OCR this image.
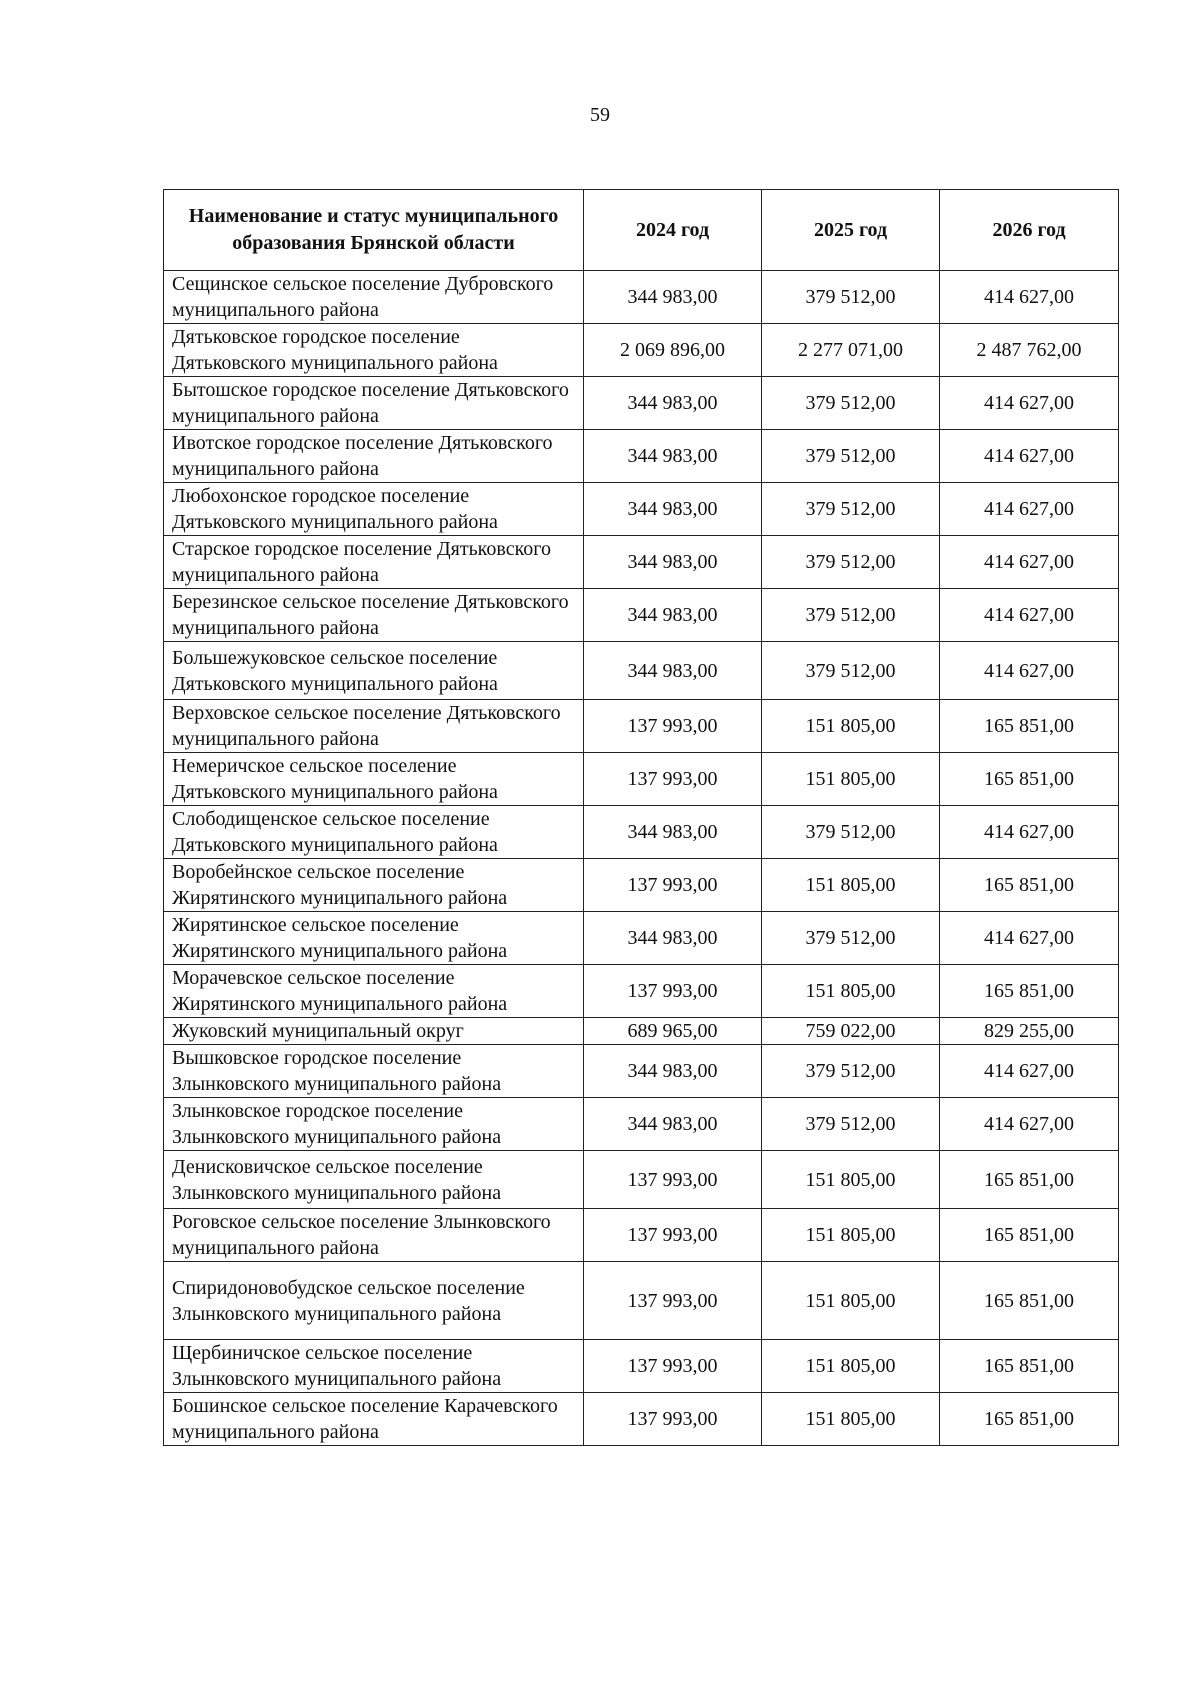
59
Наименование и статус муниципального образования Брянской области	2024 год	2025 год	2026 год
Сещинское сельское поселение Дубровского муниципального района	344 983,00	379 512,00	414 627,00
Дятьковское городское поселение Дятьковского муниципального района	2 069 896,00	2 277 071,00	2 487 762,00
Бытошское городское поселение Дятьковского муниципального района	344 983,00	379 512,00	414 627,00
Ивотское городское поселение Дятьковского муниципального района	344 983,00	379 512,00	414 627,00
Любохонское городское поселение Дятьковского муниципального района	344 983,00	379 512,00	414 627,00
Старское городское поселение Дятьковского муниципального района	344 983,00	379 512,00	414 627,00
Березинское сельское поселение Дятьковского муниципального района	344 983,00	379 512,00	414 627,00
Большежуковское сельское поселение Дятьковского муниципального района	344 983,00	379 512,00	414 627,00
Верховское сельское поселение Дятьковского муниципального района	137 993,00	151 805,00	165 851,00
Немеричское сельское поселение Дятьковского муниципального района	137 993,00	151 805,00	165 851,00
Слободищенское сельское поселение Дятьковского муниципального района	344 983,00	379 512,00	414 627,00
Воробейнское сельское поселение Жирятинского муниципального района	137 993,00	151 805,00	165 851,00
Жирятинское сельское поселение Жирятинского муниципального района	344 983,00	379 512,00	414 627,00
Морачевское сельское поселение Жирятинского муниципального района	137 993,00	151 805,00	165 851,00
Жуковский муниципальный округ	689 965,00	759 022,00	829 255,00
Вышковское городское поселение Злынковского муниципального района	344 983,00	379 512,00	414 627,00
Злынковское городское поселение Злынковского муниципального района	344 983,00	379 512,00	414 627,00
Денисковичское сельское поселение Злынковского муниципального района	137 993,00	151 805,00	165 851,00
Роговское сельское поселение Злынковского муниципального района	137 993,00	151 805,00	165 851,00
Спиридоновобудское сельское поселение Злынковского муниципального района	137 993,00	151 805,00	165 851,00
Щербиничское сельское поселение Злынковского муниципального района	137 993,00	151 805,00	165 851,00
Бошинское сельское поселение Карачевского муниципального района	137 993,00	151 805,00	165 851,00
